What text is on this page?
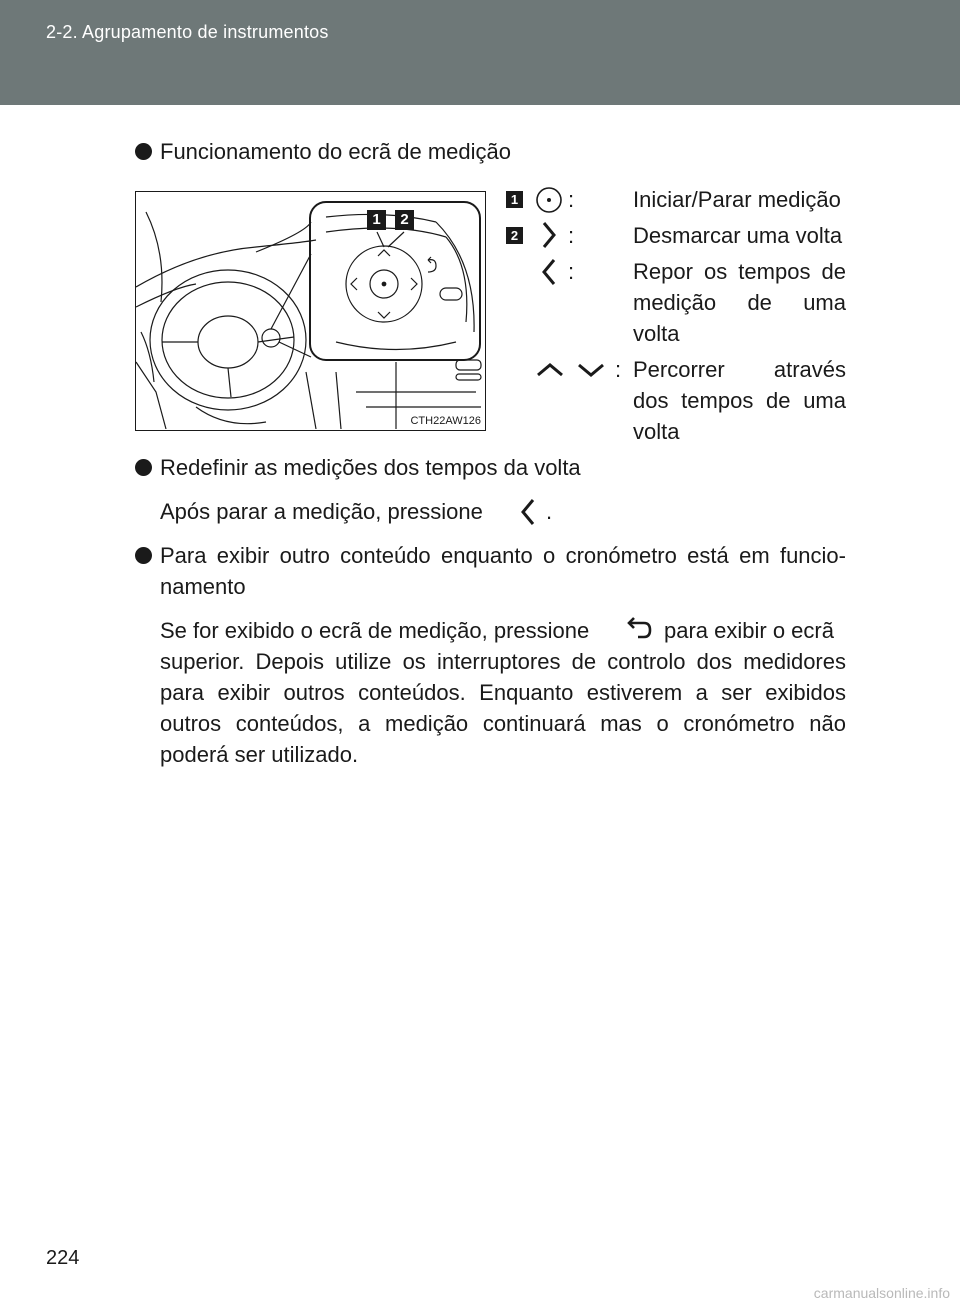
2-2. Agrupamento de instrumentos
Funcionamento do ecrã de medição
1	2
CTH22AW126
1 :	Iniciar/Parar medição
2 :	Desmarcar uma volta
:	Repor os tempos de
medição de uma
volta
: Percorrer através
dos tempos de uma
volta
Redefinir as medições dos tempos da volta
Após parar a medição, pressione	.
Para exibir outro conteúdo enquanto o cronómetro está em funcio-
namento
Se for exibido o ecrã de medição, pressione	para exibir o ecrã
superior. Depois utilize os interruptores de controlo dos medidores
para exibir outros conteúdos. Enquanto estiverem a ser exibidos
outros conteúdos, a medição continuará mas o cronómetro não
poderá ser utilizado.
224
carmanualsonline.info
